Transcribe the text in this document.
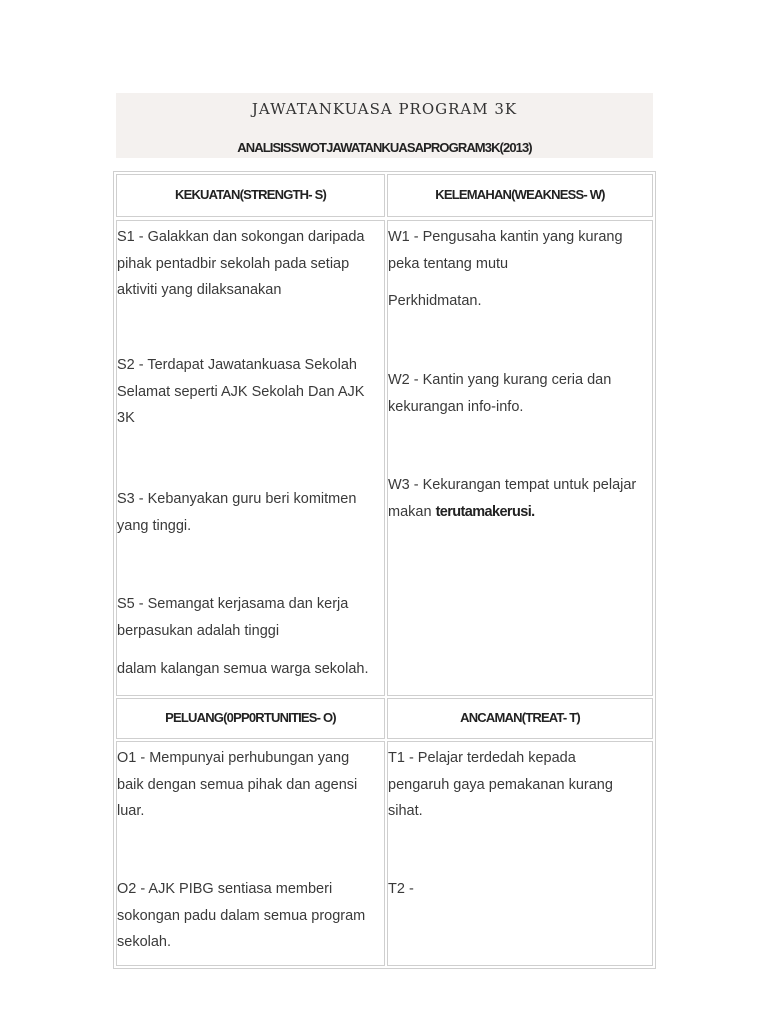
JAWATANKUASA PROGRAM 3K
ANALISISSWOTJAWATANKUASAPROGRAM3K(2013)
KEKUATAN(STRENGTH- S)	KELEMAHAN(WEAKNESS- W)

S1 - Galakkan dan sokongan daripada pihak pentadbir sekolah pada setiap aktiviti yang dilaksanakan

S2 - Terdapat Jawatankuasa Sekolah Selamat seperti AJK Sekolah Dan AJK 3K

S3 - Kebanyakan guru beri komitmen yang tinggi.

S5 - Semangat kerjasama dan kerja berpasukan adalah tinggi

dalam kalangan semua warga sekolah.

W1 - Pengusaha kantin yang kurang peka tentang mutu

Perkhidmatan.

W2 - Kantin yang kurang ceria dan kekurangan info-info.

W3 - Kekurangan tempat untuk pelajar makan terutamakerusi.

PELUANG(0PP0RTUNITIES- O)	ANCAMAN(TREAT- T)

O1 - Mempunyai perhubungan yang baik dengan semua pihak dan agensi luar.

O2 - AJK PIBG sentiasa memberi sokongan padu dalam semua program sekolah.

T1 - Pelajar terdedah kepada pengaruh gaya pemakanan kurang sihat.

T2 -
